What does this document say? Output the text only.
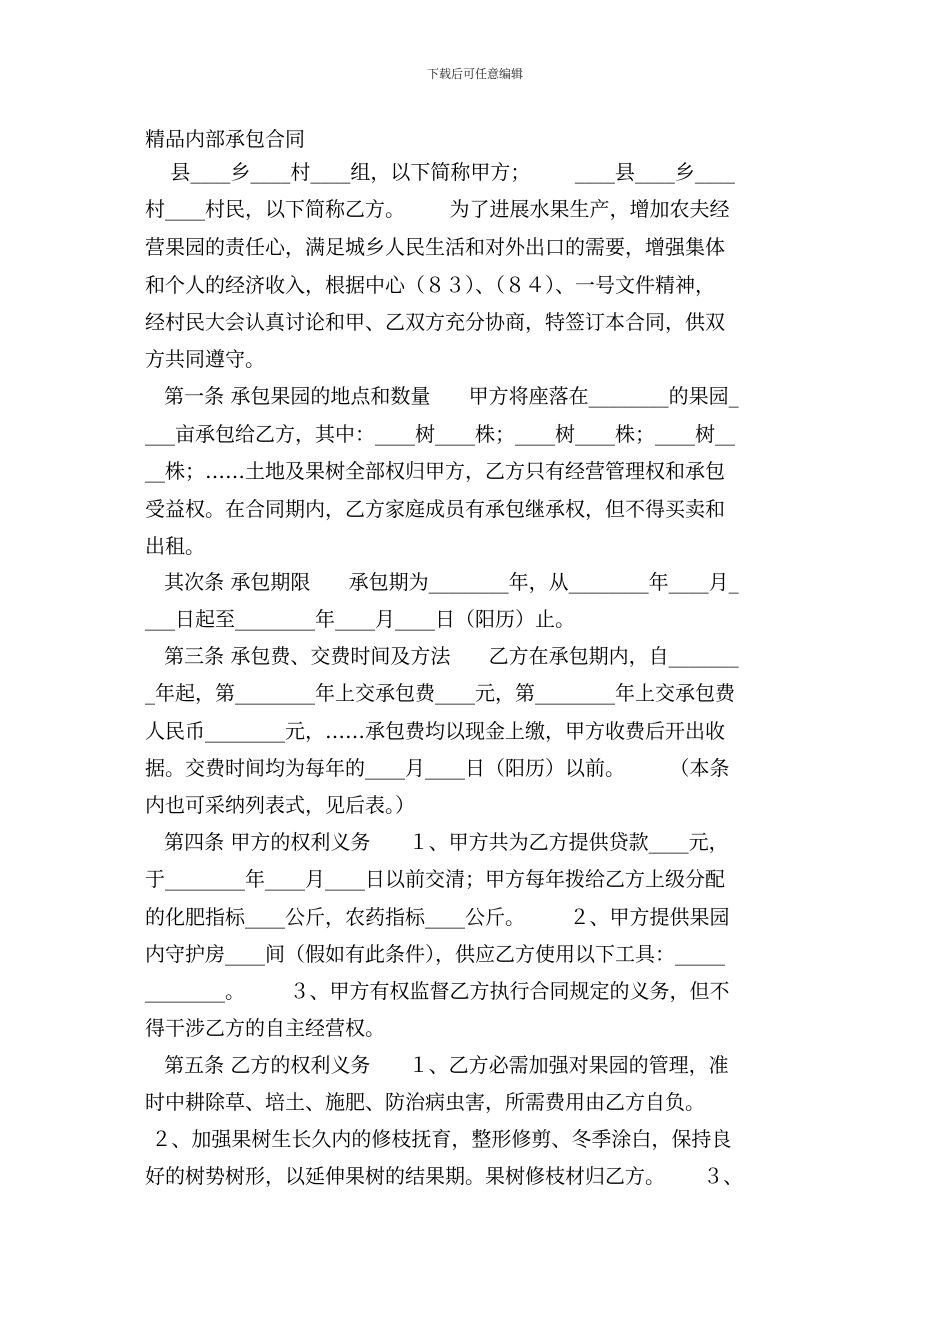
下载后可任意编辑
精品内部承包合同
县____乡____村____组，以下简称甲方；       ____县____乡____
村____村民，以下简称乙方。       为了进展水果生产，增加农夫经
营果园的责任心，满足城乡人民生活和对外出口的需要，增强集体
和个人的经济收入，根据中心（８３）、（８４）、一号文件精神，
经村民大会认真讨论和甲、乙双方充分协商，特签订本合同，供双
方共同遵守。
第一条 承包果园的地点和数量      甲方将座落在________的果园_
___亩承包给乙方，其中：____树____株；____树____株；____树__
__株；……土地及果树全部权归甲方，乙方只有经营管理权和承包
受益权。在合同期内，乙方家庭成员有承包继承权，但不得买卖和
出租。
其次条 承包期限      承包期为________年，从________年____月_
___日起至________年____月____日（阳历）止。
第三条 承包费、交费时间及方法      乙方在承包期内，自_______
_年起，第________年上交承包费____元，第________年上交承包费
人民币________元，……承包费均以现金上缴，甲方收费后开出收
据。交费时间均为每年的____月____日（阳历）以前。       （本条
内也可采纳列表式，见后表。）
第四条 甲方的权利义务      １、甲方共为乙方提供贷款____元，
于________年____月____日以前交清；甲方每年拨给乙方上级分配
的化肥指标____公斤，农药指标____公斤。       ２、甲方提供果园
内守护房____间（假如有此条件），供应乙方使用以下工具：_____
________。       ３、甲方有权监督乙方执行合同规定的义务，但不
得干涉乙方的自主经营权。
第五条 乙方的权利义务      １、乙方必需加强对果园的管理，准
时中耕除草、培土、施肥、防治病虫害，所需费用由乙方自负。
２、加强果树生长久内的修枝抚育，整形修剪、冬季涂白，保持良
好的树势树形，以延伸果树的结果期。果树修枝材归乙方。      ３、
